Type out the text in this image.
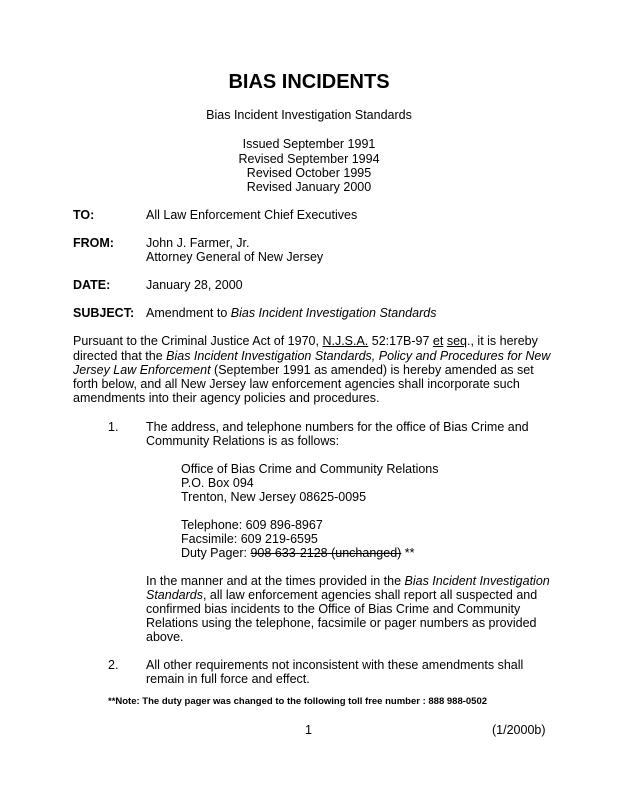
BIAS INCIDENTS
Bias Incident Investigation Standards
Issued September 1991
Revised September 1994
Revised October 1995
Revised January 2000
TO:	All Law Enforcement Chief Executives
FROM:	John J. Farmer, Jr.
Attorney General of New Jersey
DATE:	January 28, 2000
SUBJECT: Amendment to Bias Incident Investigation Standards
Pursuant to the Criminal Justice Act of 1970, N.J.S.A. 52:17B-97 et seq., it is hereby
directed that the Bias Incident Investigation Standards, Policy and Procedures for New
Jersey Law Enforcement (September 1991 as amended) is hereby amended as set
forth below, and all New Jersey law enforcement agencies shall incorporate such
amendments into their agency policies and procedures.
1. The address, and telephone numbers for the office of Bias Crime and
Community Relations is as follows:
Office of Bias Crime and Community Relations
P.O. Box 094
Trenton, New Jersey 08625-0095
Telephone: 609 896-8967
Facsimile: 609 219-6595
Duty Pager: 908 633-2128 (unchanged) **
In the manner and at the times provided in the Bias Incident Investigation
Standards, all law enforcement agencies shall report all suspected and
confirmed bias incidents to the Office of Bias Crime and Community
Relations using the telephone, facsimile or pager numbers as provided
above.
2. All other requirements not inconsistent with these amendments shall
remain in full force and effect.
**Note: The duty pager was changed to the following toll free number : 888 988-0502
1	(1/2000b)
